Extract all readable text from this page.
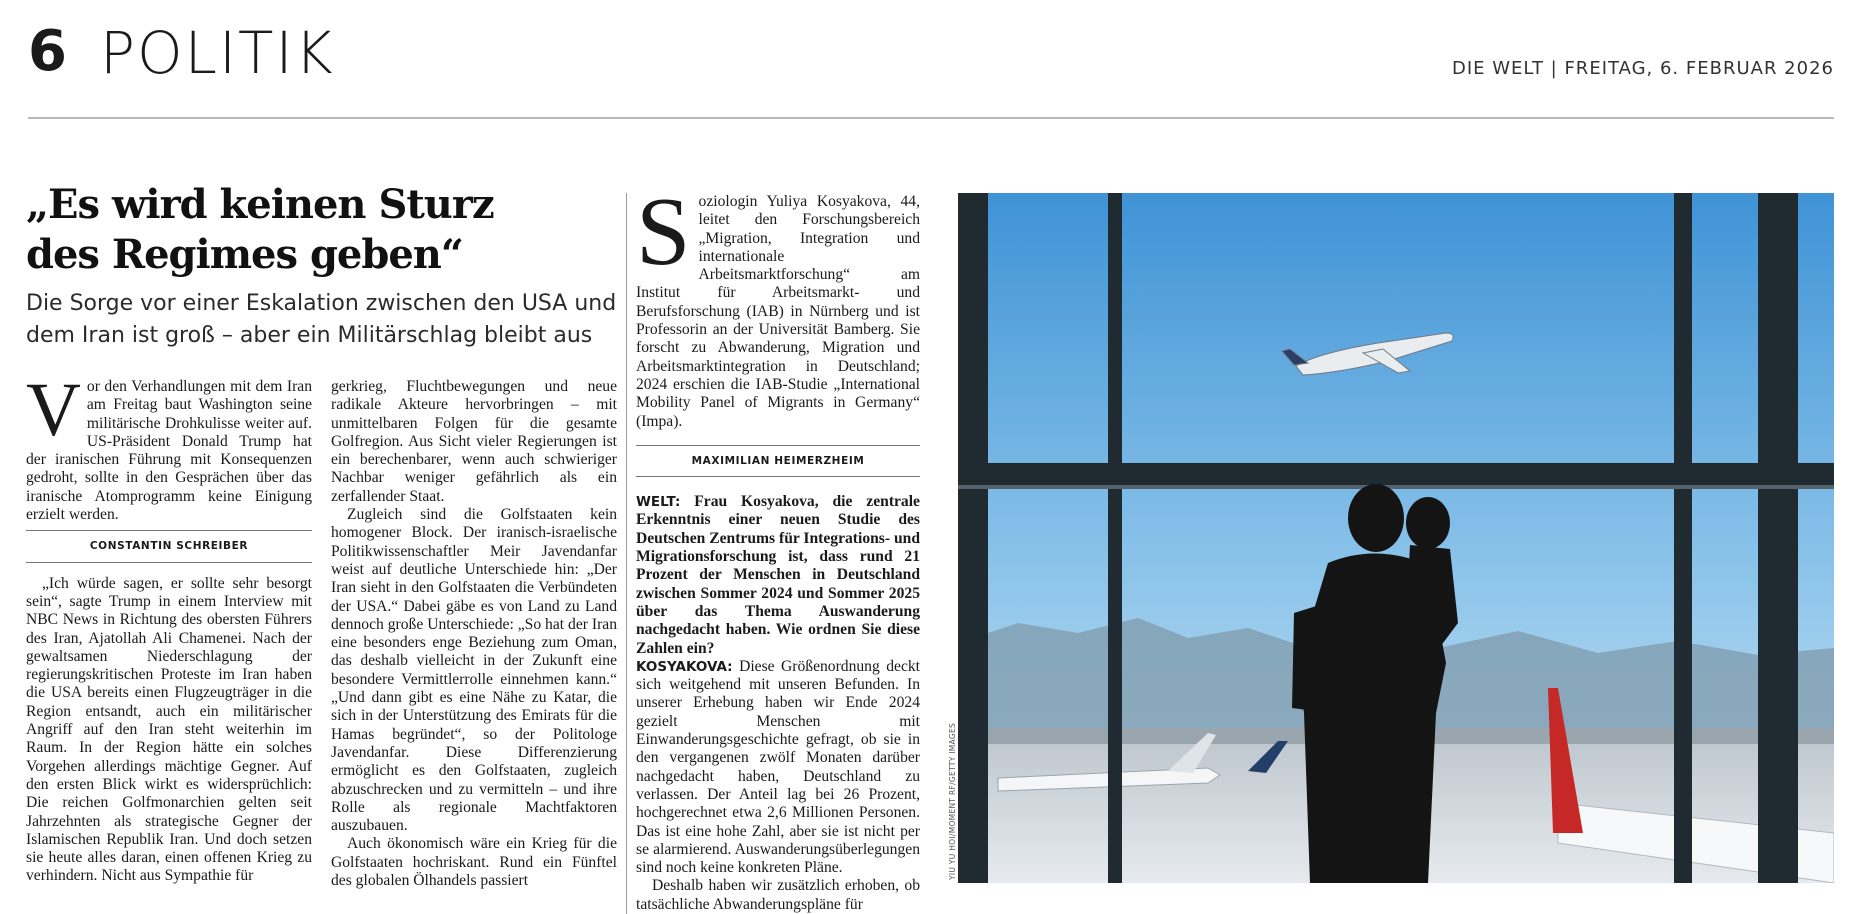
6 POLITIK	DIE WELT | FREITAG, 6. FEBRUAR 2026
„Es wird keinen Sturz
des Regimes geben“

Die Sorge vor einer Eskalation zwischen den USA und dem Iran ist groß – aber ein Militärschlag bleibt aus

Vor den Verhandlungen mit dem Iran am Freitag baut Washington seine militärische Drohkulisse weiter auf. US-Präsident Donald Trump hat der iranischen Führung mit Konsequenzen gedroht, sollte in den Gesprächen über das iranische Atomprogramm keine Einigung erzielt werden.

CONSTANTIN SCHREIBER

„Ich würde sagen, er sollte sehr besorgt sein“, sagte Trump in einem Interview mit NBC News in Richtung des obersten Führers des Iran, Ajatollah Ali Chamenei. Nach der gewaltsamen Niederschlagung der regierungskritischen Proteste im Iran haben die USA bereits einen Flugzeugträger in die Region entsandt, auch ein militärischer Angriff auf den Iran steht weiterhin im Raum. In der Region hätte ein solches Vorgehen allerdings mächtige Gegner. Auf den ersten Blick wirkt es widersprüchlich: Die reichen Golfmonarchien gelten seit Jahrzehnten als strategische Gegner der Islamischen Republik Iran. Und doch setzen sie heute alles daran, einen offenen Krieg zu verhindern. Nicht aus Sympathie für

gerkrieg, Fluchtbewegungen und neue radikale Akteure hervorbringen – mit unmittelbaren Folgen für die gesamte Golfregion. Aus Sicht vieler Regierungen ist ein berechenbarer, wenn auch schwieriger Nachbar weniger gefährlich als ein zerfallender Staat.

Zugleich sind die Golfstaaten kein homogener Block. Der iranisch-israelische Politikwissenschaftler Meir Javendanfar weist auf deutliche Unterschiede hin: „Der Iran sieht in den Golfstaaten die Verbündeten der USA.“ Dabei gäbe es von Land zu Land dennoch große Unterschiede: „So hat der Iran eine besonders enge Beziehung zum Oman, das deshalb vielleicht in der Zukunft eine besondere Vermittlerrolle einnehmen kann.“ „Und dann gibt es eine Nähe zu Katar, die sich in der Unterstützung des Emirats für die Hamas begründet“, so der Politologe Javendanfar. Diese Differenzierung ermöglicht es den Golfstaaten, zugleich abzuschrecken und zu vermitteln – und ihre Rolle als regionale Machtfaktoren auszubauen.

Auch ökonomisch wäre ein Krieg für die Golfstaaten hochriskant. Rund ein Fünftel des globalen Ölhandels passiert

Soziologin Yuliya Kosyakova, 44, leitet den Forschungsbereich „Migration, Integration und internationale Arbeitsmarktforschung“ am Institut für Arbeitsmarkt- und Berufsforschung (IAB) in Nürnberg und ist Professorin an der Universität Bamberg. Sie forscht zu Abwanderung, Migration und Arbeitsmarktintegration in Deutschland; 2024 erschien die IAB-Studie „International Mobility Panel of Migrants in Germany“ (Impa).

MAXIMILIAN HEIMERZHEIM

WELT: Frau Kosyakova, die zentrale Erkenntnis einer neuen Studie des Deutschen Zentrums für Integrations- und Migrationsforschung ist, dass rund 21 Prozent der Menschen in Deutschland zwischen Sommer 2024 und Sommer 2025 über das Thema Auswanderung nachgedacht haben. Wie ordnen Sie diese Zahlen ein?

KOSYAKOVA: Diese Größenordnung deckt sich weitgehend mit unseren Befunden. In unserer Erhebung haben wir Ende 2024 gezielt Menschen mit Einwanderungsgeschichte gefragt, ob sie in den vergangenen zwölf Monaten darüber nachgedacht haben, Deutschland zu verlassen. Der Anteil lag bei 26 Prozent, hochgerechnet etwa 2,6 Millionen Personen. Das ist eine hohe Zahl, aber sie ist nicht per se alarmierend. Auswanderungsüberlegungen sind noch keine konkreten Pläne.

Deshalb haben wir zusätzlich erhoben, ob tatsächliche Abwanderungspläne für

YIU YU HOI/MOMENT RF/GETTY IMAGES
